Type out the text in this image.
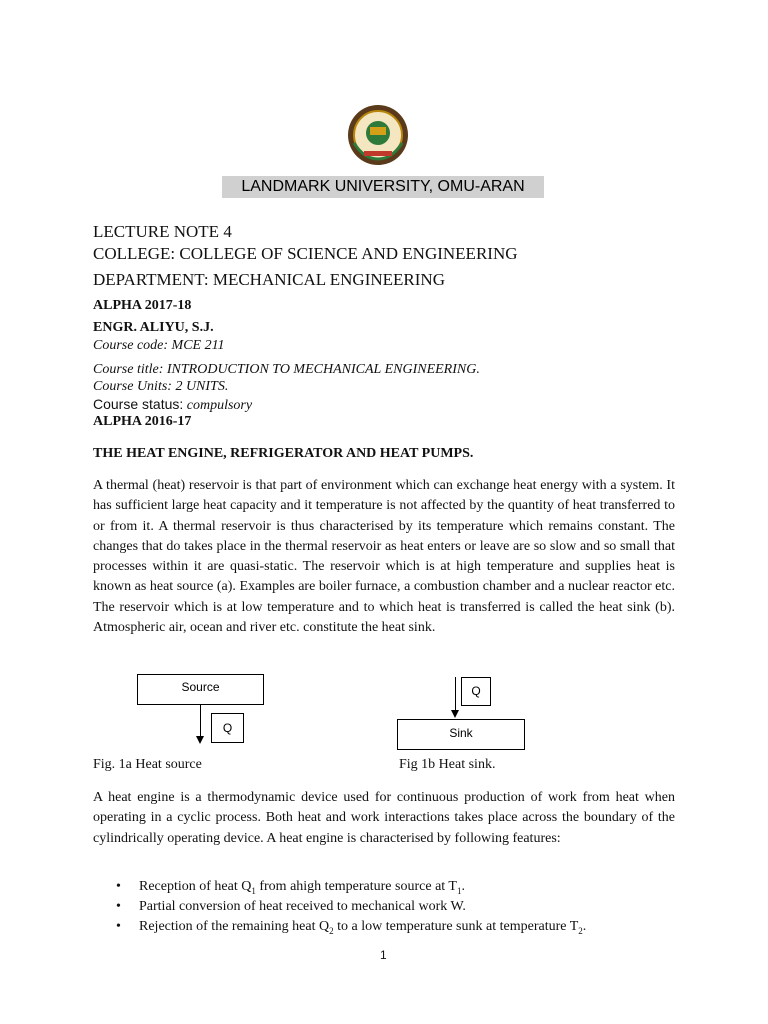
LANDMARK UNIVERSITY, OMU-ARAN
LECTURE NOTE 4
COLLEGE: COLLEGE OF SCIENCE AND ENGINEERING
DEPARTMENT: MECHANICAL ENGINEERING
ALPHA 2017-18
ENGR. ALIYU, S.J.
Course code: MCE 211
Course title: INTRODUCTION TO MECHANICAL ENGINEERING.
Course Units: 2 UNITS.
Course status: compulsory
ALPHA 2016-17
THE HEAT ENGINE, REFRIGERATOR AND HEAT PUMPS.
A thermal (heat) reservoir is that part of environment which can exchange heat energy with a system. It has sufficient large heat capacity and it temperature is not affected by the quantity of heat transferred to or from it. A thermal reservoir is thus characterised by its temperature which remains constant. The changes that do takes place in the thermal reservoir as heat enters or leave are so slow and so small that processes within it are quasi-static. The reservoir which is at high temperature and supplies heat is known as heat source (a). Examples are boiler furnace, a combustion chamber and a nuclear reactor etc. The reservoir which is at low temperature and to which heat is transferred is called the heat sink (b). Atmospheric air, ocean and river etc. constitute the heat sink.
Source
Q
Q
Sink
Fig. 1a Heat source	Fig 1b Heat sink.
A heat engine is a thermodynamic device used for continuous production of work from heat when operating in a cyclic process. Both heat and work interactions takes place across the boundary of the cylindrically operating device. A heat engine is characterised by following features:
• Reception of heat $Q_1$ from ahigh temperature source at $T_1$.
• Partial conversion of heat received to mechanical work W.
• Rejection of the remaining heat $Q_2$ to a low temperature sunk at temperature $T_2$.
1
